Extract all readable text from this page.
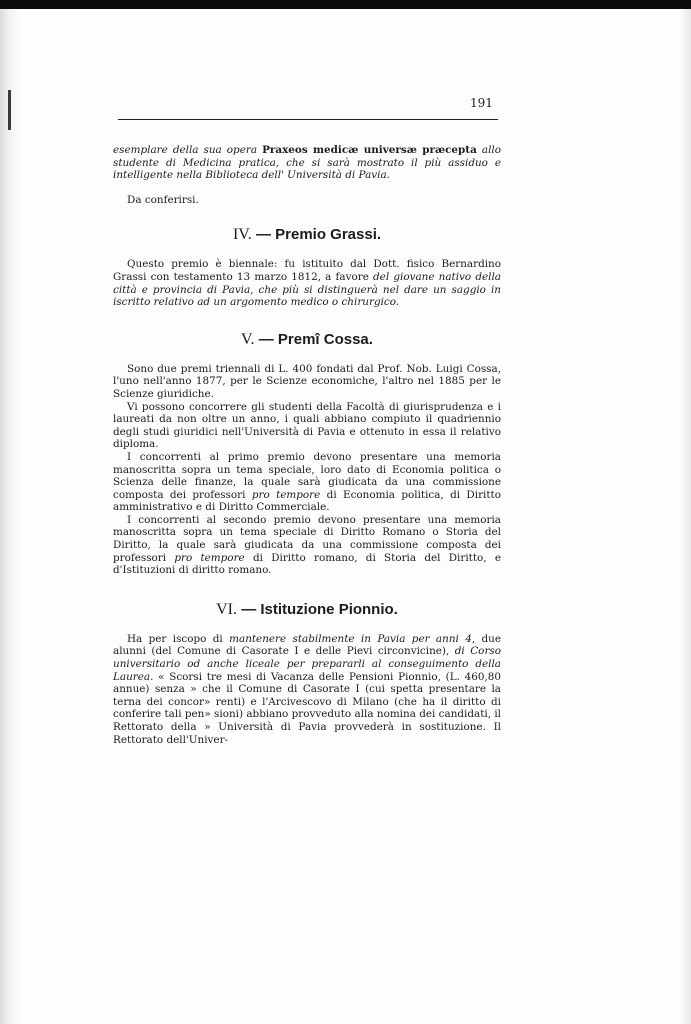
191

esemplare della sua opera Praxeos medicæ universæ præcepta allo studente di Medicina pratica, che si sarà mostrato il più assiduo e intelligente nella Biblioteca dell' Università di Pavia.

Da conferirsi.

IV. — Premio Grassi.

Questo premio è biennale: fu istituito dal Dott. fisico Bernardino Grassi con testamento 13 marzo 1812, a favore del giovane nativo della città e provincia di Pavia, che più si distinguerà nel dare un saggio in iscritto relativo ad un argomento medico o chirurgico.

V. — Premî Cossa.

Sono due premi triennali di L. 400 fondati dal Prof. Nob. Luigi Cossa, l'uno nell'anno 1877, per le Scienze economiche, l'altro nel 1885 per le Scienze giuridiche.

Vi possono concorrere gli studenti della Facoltà di giurisprudenza e i laureati da non oltre un anno, i quali abbiano compiuto il quadriennio degli studi giuridici nell'Università di Pavia e ottenuto in essa il relativo diploma.

I concorrenti al primo premio devono presentare una memoria manoscritta sopra un tema speciale, loro dato di Economia politica o Scienza delle finanze, la quale sarà giudicata da una commissione composta dei professori pro tempore di Economia politica, di Diritto amministrativo e di Diritto Commerciale.

I concorrenti al secondo premio devono presentare una memoria manoscritta sopra un tema speciale di Diritto Romano o Storia del Diritto, la quale sarà giudicata da una commissione composta dei professori pro tempore di Diritto romano, di Storia del Diritto, e d'Istituzioni di diritto romano.

VI. — Istituzione Pionnio.

Ha per iscopo di mantenere stabilmente in Pavia per anni 4, due alunni (del Comune di Casorate I e delle Pievi circonvicine), di Corso universitario od anche liceale per prepararli al conseguimento della Laurea. « Scorsi tre mesi di Vacanza delle Pensioni Pionnio, (L. 460,80 annue) senza » che il Comune di Casorate I (cui spetta presentare la terna dei concor» renti) e l'Arcivescovo di Milano (che ha il diritto di conferire tali pen» sioni) abbiano provveduto alla nomina dei candidati, il Rettorato della » Università di Pavia provvederà in sostituzione. Il Rettorato dell'Univer-
